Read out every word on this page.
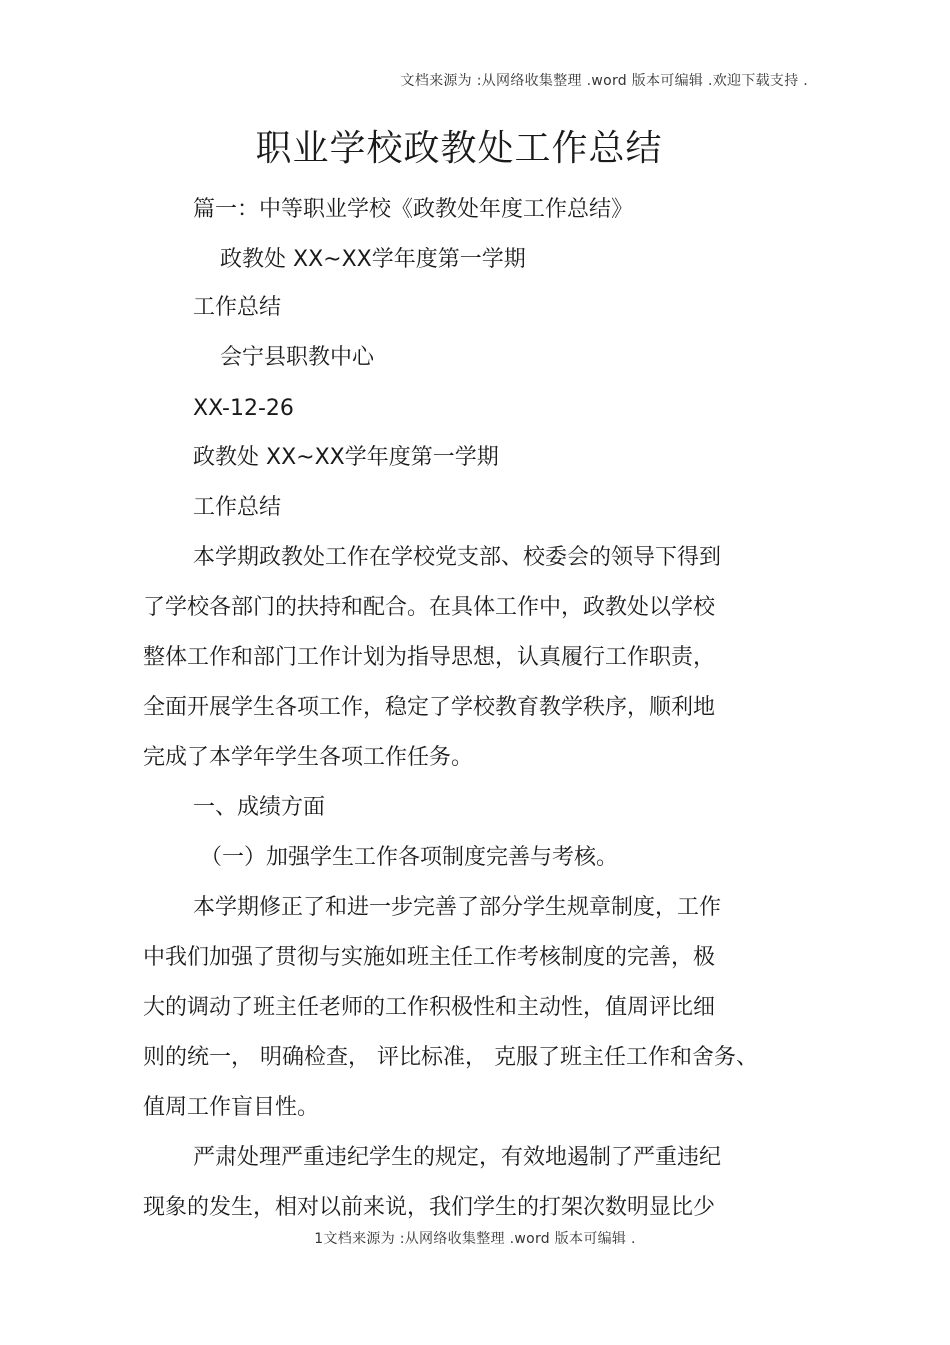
文档来源为 :从网络收集整理 .word 版本可编辑 .欢迎下载支持 .
职业学校政教处工作总结
篇一：中等职业学校《政教处年度工作总结》
政教处 XX~XX学年度第一学期
工作总结
会宁县职教中心
XX-12-26
政教处 XX~XX学年度第一学期
工作总结
本学期政教处工作在学校党支部、校委会的领导下得到
了学校各部门的扶持和配合。在具体工作中，政教处以学校
整体工作和部门工作计划为指导思想，认真履行工作职责，
全面开展学生各项工作，稳定了学校教育教学秩序，顺利地
完成了本学年学生各项工作任务。
一、成绩方面
（一）加强学生工作各项制度完善与考核。
本学期修正了和进一步完善了部分学生规章制度，工作
中我们加强了贯彻与实施如班主任工作考核制度的完善，极
大的调动了班主任老师的工作积极性和主动性，值周评比细
则的统一， 明确检查， 评比标准， 克服了班主任工作和舍务、
值周工作盲目性。
严肃处理严重违纪学生的规定，有效地遏制了严重违纪
现象的发生，相对以前来说，我们学生的打架次数明显比少
1文档来源为 :从网络收集整理 .word 版本可编辑 .
